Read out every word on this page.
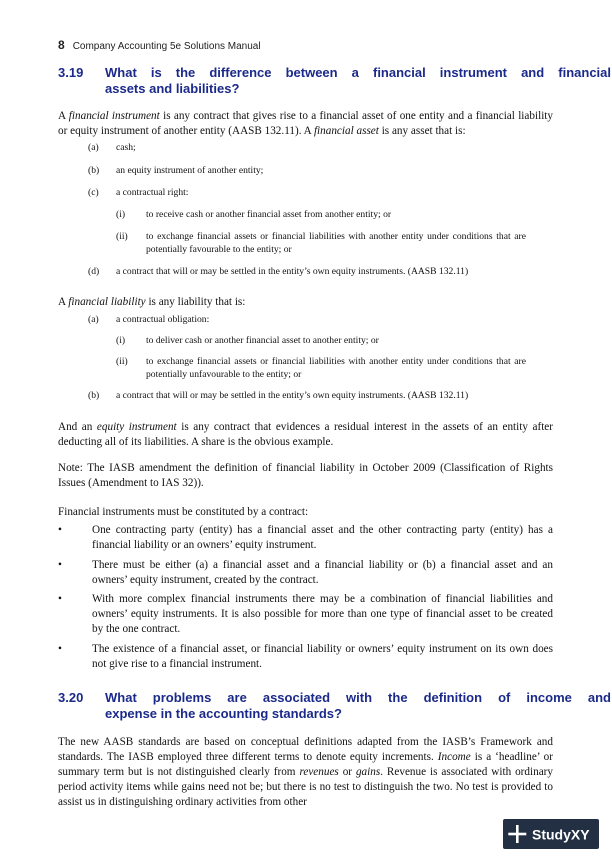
8 Company Accounting 5e Solutions Manual
3.19 What is the difference between a financial instrument and financial
assets and liabilities?
A financial instrument is any contract that gives rise to a financial asset of one entity and a financial liability or equity instrument of another entity (AASB 132.11). A financial asset is any asset that is:
(a) cash;
(b) an equity instrument of another entity;
(c) a contractual right:
(i) to receive cash or another financial asset from another entity; or
(ii) to exchange financial assets or financial liabilities with another entity under conditions that are potentially favourable to the entity; or
(d) a contract that will or may be settled in the entity’s own equity instruments. (AASB 132.11)
A financial liability is any liability that is:
(a) a contractual obligation:
(i) to deliver cash or another financial asset to another entity; or
(ii) to exchange financial assets or financial liabilities with another entity under conditions that are potentially unfavourable to the entity; or
(b) a contract that will or may be settled in the entity’s own equity instruments. (AASB 132.11)
And an equity instrument is any contract that evidences a residual interest in the assets of an entity after deducting all of its liabilities. A share is the obvious example.
Note: The IASB amendment the definition of financial liability in October 2009 (Classification of Rights Issues (Amendment to IAS 32)).
Financial instruments must be constituted by a contract:
•	One contracting party (entity) has a financial asset and the other contracting party (entity) has a financial liability or an owners’ equity instrument.
•	There must be either (a) a financial asset and a financial liability or (b) a financial asset and an owners’ equity instrument, created by the contract.
•	With more complex financial instruments there may be a combination of financial liabilities and owners’ equity instruments. It is also possible for more than one type of financial asset to be created by the one contract.
•	The existence of a financial asset, or financial liability or owners’ equity instrument on its own does not give rise to a financial instrument.
3.20 What problems are associated with the definition of income and
expense in the accounting standards?
The new AASB standards are based on conceptual definitions adapted from the IASB’s Framework and standards. The IASB employed three different terms to denote equity increments. Income is a ‘headline’ or summary term but is not distinguished clearly from revenues or gains. Revenue is associated with ordinary period activity items while gains need not be; but there is no test to distinguish the two. No test is provided to assist us in distinguishing ordinary activities from other
StudyXY
